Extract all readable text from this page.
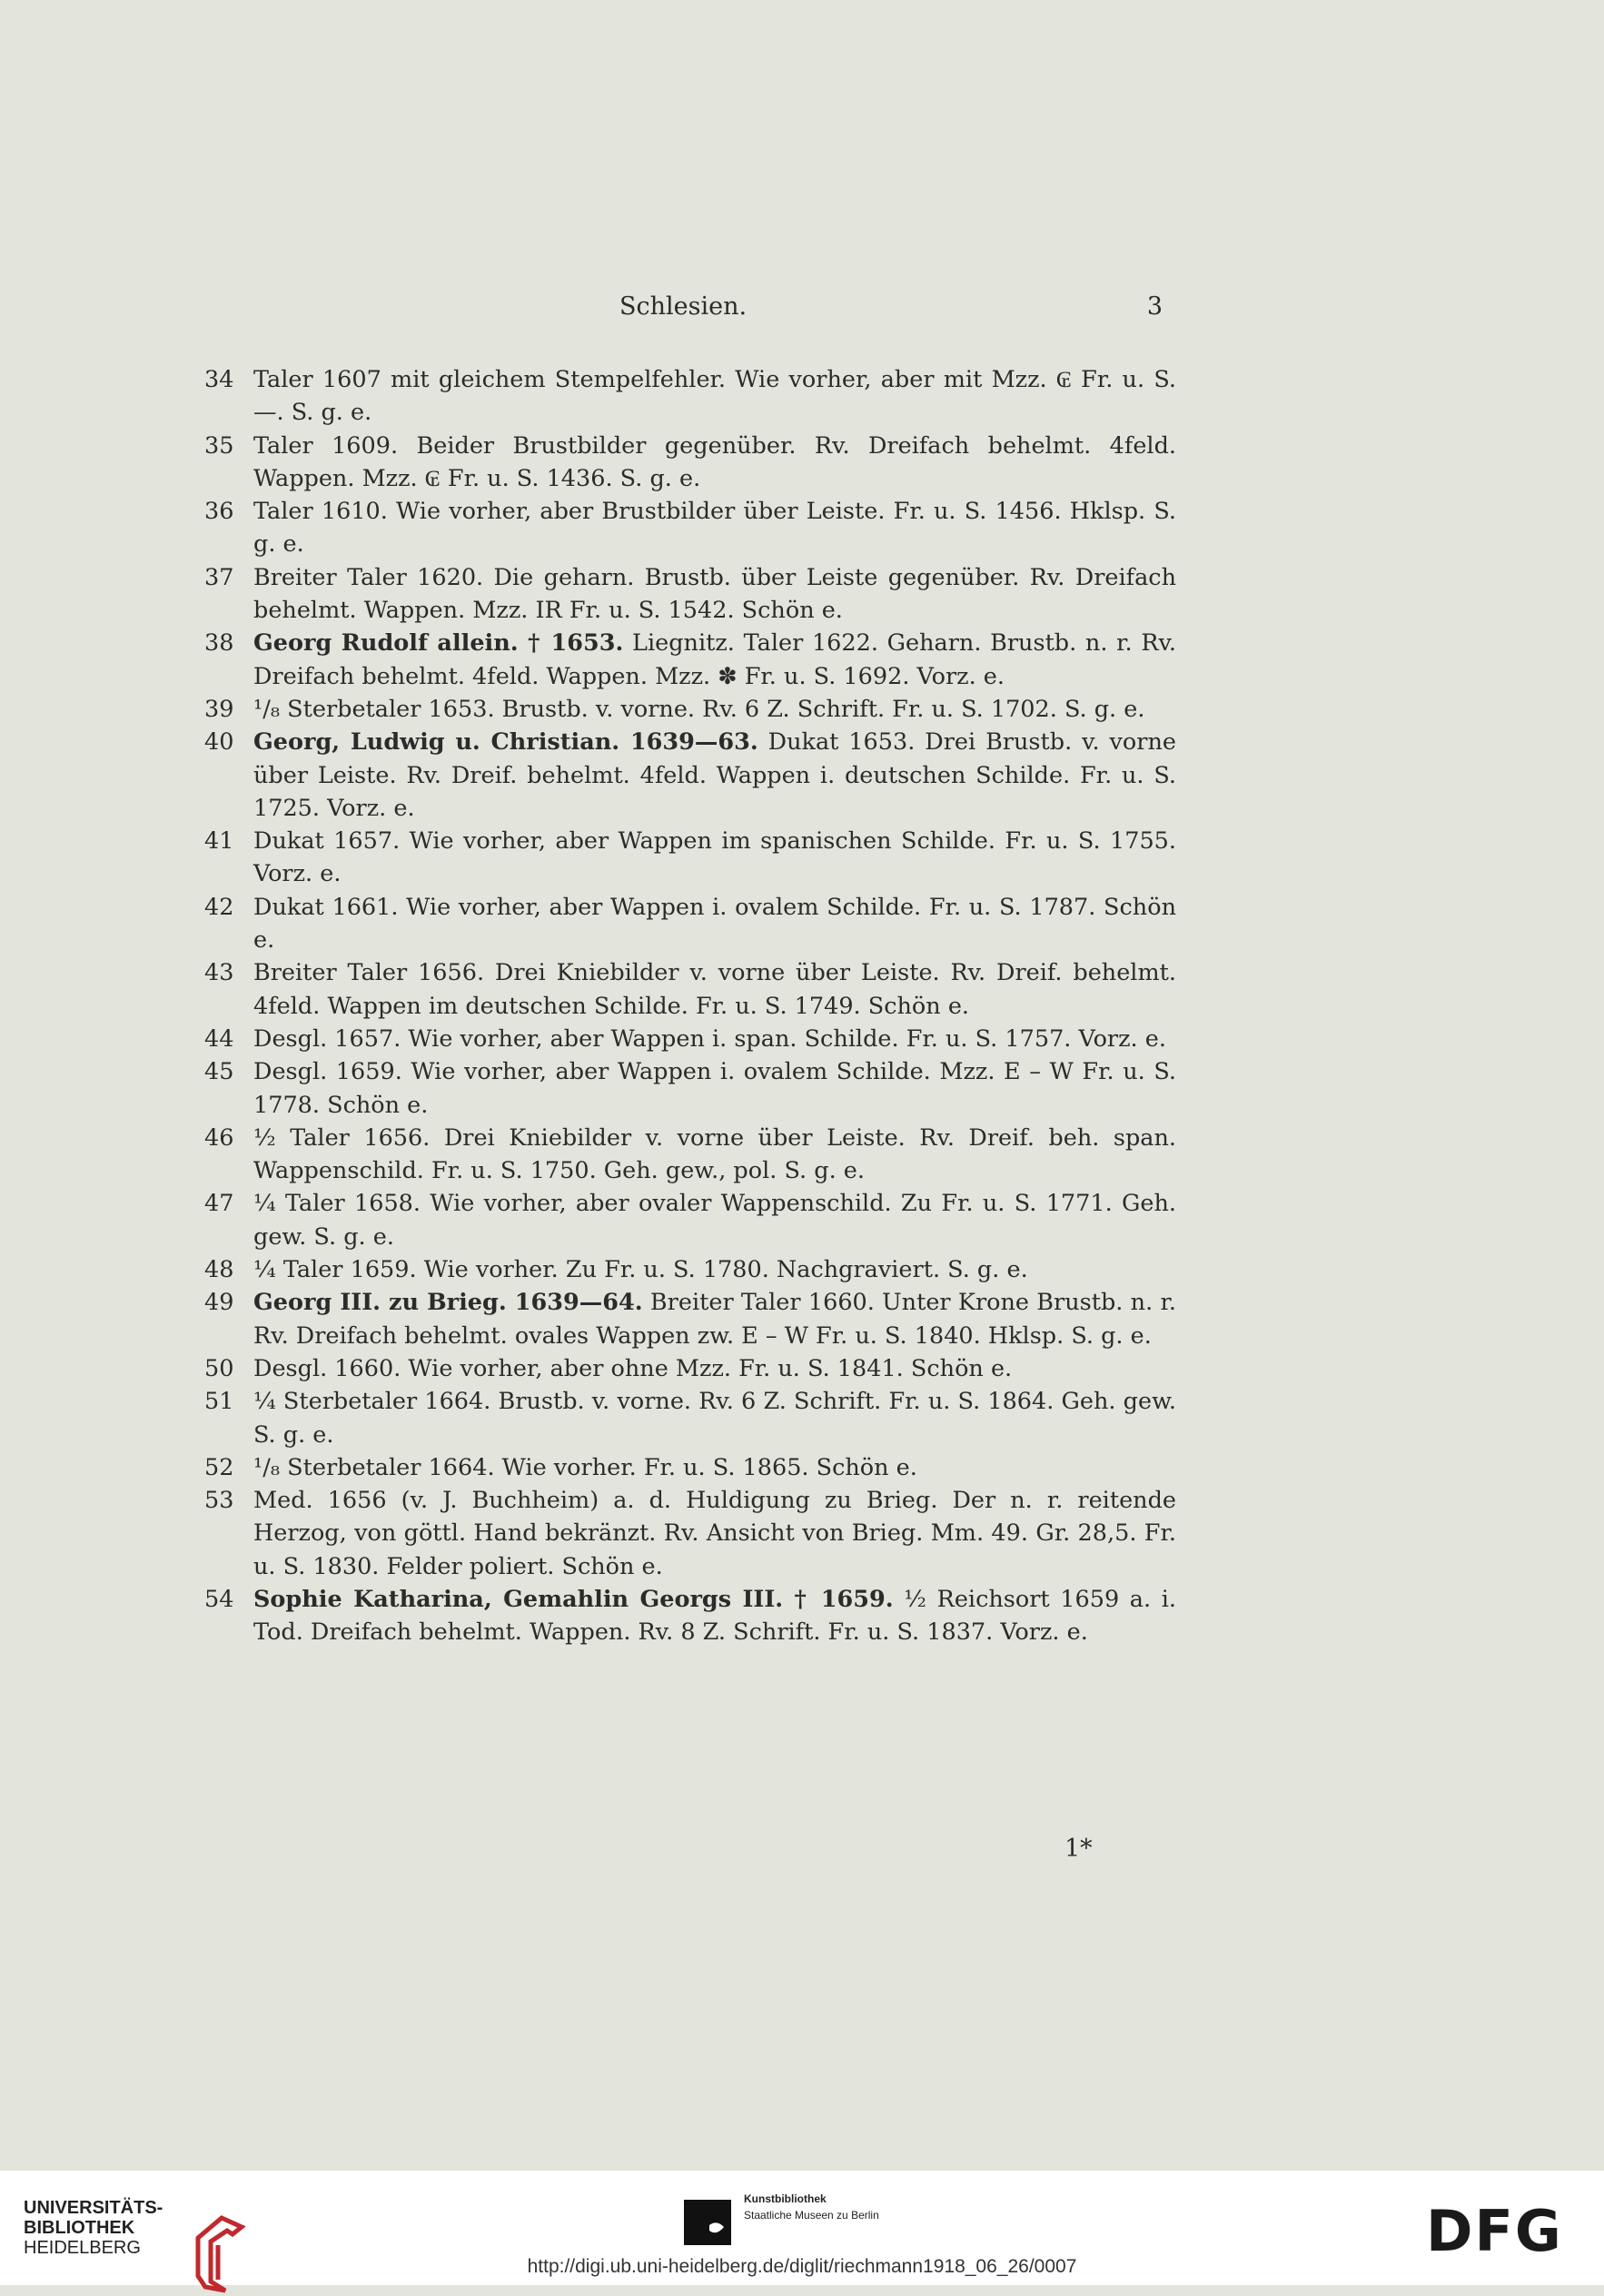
Schlesien.	3

34 Taler 1607 mit gleichem Stempelfehler. Wie vorher, aber mit Mzz. ₢ Fr. u. S. —. S. g. e.

35 Taler 1609. Beider Brustbilder gegenüber. Rv. Dreifach behelmt. 4feld. Wappen. Mzz. ₢ Fr. u. S. 1436. S. g. e.

36 Taler 1610. Wie vorher, aber Brustbilder über Leiste. Fr. u. S. 1456. Hklsp. S. g. e.

37 Breiter Taler 1620. Die geharn. Brustb. über Leiste gegenüber. Rv. Dreifach behelmt. Wappen. Mzz. IR Fr. u. S. 1542. Schön e.

38 Georg Rudolf allein. † 1653. Liegnitz. Taler 1622. Geharn. Brustb. n. r. Rv. Dreifach behelmt. 4feld. Wappen. Mzz. ✽ Fr. u. S. 1692. Vorz. e.

39 ¹/₈ Sterbetaler 1653. Brustb. v. vorne. Rv. 6 Z. Schrift. Fr. u. S. 1702. S. g. e.

40 Georg, Ludwig u. Christian. 1639—63. Dukat 1653. Drei Brustb. v. vorne über Leiste. Rv. Dreif. behelmt. 4feld. Wappen i. deutschen Schilde. Fr. u. S. 1725. Vorz. e.

41 Dukat 1657. Wie vorher, aber Wappen im spanischen Schilde. Fr. u. S. 1755. Vorz. e.

42 Dukat 1661. Wie vorher, aber Wappen i. ovalem Schilde. Fr. u. S. 1787. Schön e.

43 Breiter Taler 1656. Drei Kniebilder v. vorne über Leiste. Rv. Dreif. behelmt. 4feld. Wappen im deutschen Schilde. Fr. u. S. 1749. Schön e.

44 Desgl. 1657. Wie vorher, aber Wappen i. span. Schilde. Fr. u. S. 1757. Vorz. e.

45 Desgl. 1659. Wie vorher, aber Wappen i. ovalem Schilde. Mzz. E – W Fr. u. S. 1778. Schön e.

46 ½ Taler 1656. Drei Kniebilder v. vorne über Leiste. Rv. Dreif. beh. span. Wappenschild. Fr. u. S. 1750. Geh. gew., pol. S. g. e.

47 ¼ Taler 1658. Wie vorher, aber ovaler Wappenschild. Zu Fr. u. S. 1771. Geh. gew. S. g. e.

48 ¼ Taler 1659. Wie vorher. Zu Fr. u. S. 1780. Nachgraviert. S. g. e.

49 Georg III. zu Brieg. 1639—64. Breiter Taler 1660. Unter Krone Brustb. n. r. Rv. Dreifach behelmt. ovales Wappen zw. E – W Fr. u. S. 1840. Hklsp. S. g. e.

50 Desgl. 1660. Wie vorher, aber ohne Mzz. Fr. u. S. 1841. Schön e.

51 ¼ Sterbetaler 1664. Brustb. v. vorne. Rv. 6 Z. Schrift. Fr. u. S. 1864. Geh. gew. S. g. e.

52 ¹/₈ Sterbetaler 1664. Wie vorher. Fr. u. S. 1865. Schön e.

53 Med. 1656 (v. J. Buchheim) a. d. Huldigung zu Brieg. Der n. r. reitende Herzog, von göttl. Hand bekränzt. Rv. Ansicht von Brieg. Mm. 49. Gr. 28,5. Fr. u. S. 1830. Felder poliert. Schön e.

54 Sophie Katharina, Gemahlin Georgs III. † 1659. ½ Reichsort 1659 a. i. Tod. Dreifach behelmt. Wappen. Rv. 8 Z. Schrift. Fr. u. S. 1837. Vorz. e.

1*
UNIVERSITÄTS-
BIBLIOTHEK
HEIDELBERG
Kunstbibliothek
Staatliche Museen zu Berlin	DFG
http://digi.ub.uni-heidelberg.de/diglit/riechmann1918_06_26/0007
